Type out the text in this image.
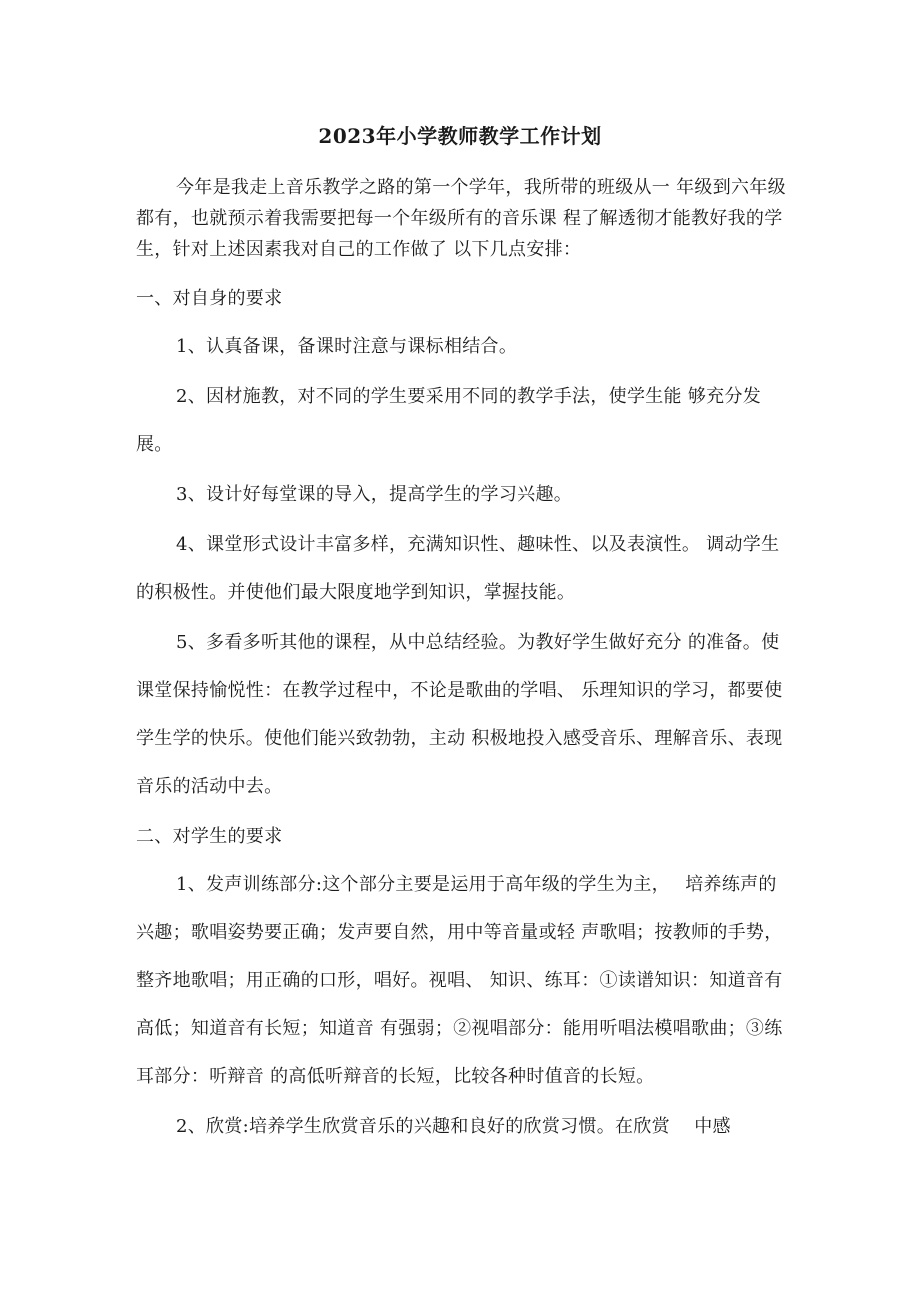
2023年小学教师教学工作计划

今年是我走上音乐教学之路的第一个学年，我所带的班级从一 年级到六年级都有，也就预示着我需要把每一个年级所有的音乐课 程了解透彻才能教好我的学生，针对上述因素我对自己的工作做了 以下几点安排：

一、对自身的要求

1、认真备课，备课时注意与课标相结合。

2、因材施教，对不同的学生要采用不同的教学手法，使学生能 够充分发展。

3、设计好每堂课的导入，提高学生的学习兴趣。

4、课堂形式设计丰富多样，充满知识性、趣味性、以及表演性。 调动学生的积极性。并使他们最大限度地学到知识，掌握技能。

5、多看多听其他的课程，从中总结经验。为教好学生做好充分 的准备。使课堂保持愉悦性：在教学过程中，不论是歌曲的学唱、 乐理知识的学习，都要使学生学的快乐。使他们能兴致勃勃，主动 积极地投入感受音乐、理解音乐、表现音乐的活动中去。

二、对学生的要求

1、发声训练部分:这个部分主要是运用于高年级的学生为主，　 培养练声的兴趣；歌唱姿势要正确；发声要自然，用中等音量或轻 声歌唱；按教师的手势，整齐地歌唱；用正确的口形，唱好。视唱、 知识、练耳：①读谱知识：知道音有高低；知道音有长短；知道音 有强弱；②视唱部分：能用听唱法模唱歌曲；③练耳部分：听辩音 的高低听辩音的长短，比较各种时值音的长短。

2、欣赏:培养学生欣赏音乐的兴趣和良好的欣赏习惯。在欣赏　 中感
